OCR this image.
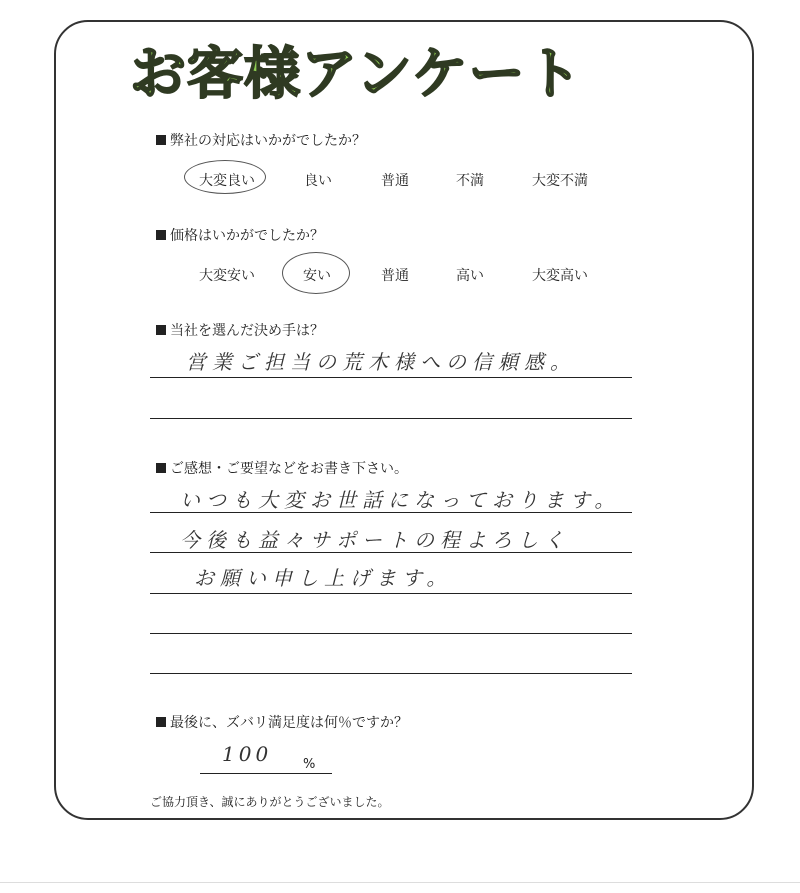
お客様アンケート
弊社の対応はいかがでしたか？
大変良い	良い	普通	不満	大変不満
価格はいかがでしたか？
大変安い	安い	普通	高い	大変高い
当社を選んだ決め手は？
営業ご担当の荒木様への信頼感。
ご感想・ご要望などをお書き下さい。
いつも大変お世話になっております。
今後も益々サポートの程よろしく
お願い申し上げます。
最後に、ズバリ満足度は何％ですか？
100 %
ご協力頂き、誠にありがとうございました。
